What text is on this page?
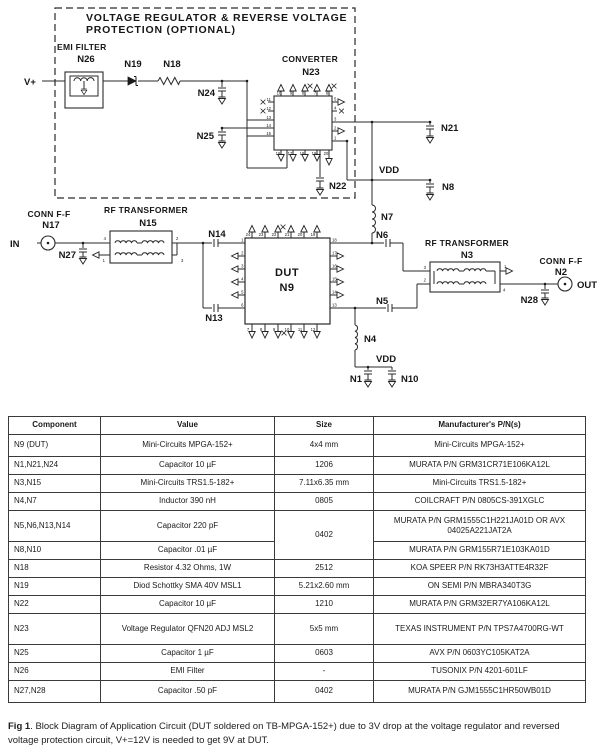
10 9 8 7 6
11
12
13
14
15
5
4
3
2
1
16 17 18 19 20
DUT
N9
24 23 22 21 20 19
1
2
3
4
5
6
18
17
16
15
14
13
7	8	9 10 11 12
4	2
1	3
3	1
2
4
VOLTAGE REGULATOR & REVERSE VOLTAGE
PROTECTION (OPTIONAL)
EMI FILTER
N26
V+
N19 N18
N24
CONVERTER
N23
N25
N21
N22
VDD
N8
N7
N6
CONN F-F
N17
IN
N27
RF TRANSFORMER
N15
N14
N13
N5
N4
VDD
N1	N10
RF TRANSFORMER
N3	CONN F-F
N2
OUT
N28
Component	Value	Size	Manufacturer's P/N(s)
N9 (DUT)	Mini-Circuits MPGA-152+	4x4 mm	Mini-Circuits MPGA-152+
N1,N21,N24	Capacitor 10 µF	1206	MURATA P/N GRM31CR71E106KA12L
N3,N15	Mini-Circuits TRS1.5-182+	7.11x6.35 mm	Mini-Circuits TRS1.5-182+
N4,N7	Inductor 390 nH	0805	COILCRAFT P/N 0805CS-391XGLC
N5,N6,N13,N14	Capacitor 220 pF	0402	MURATA P/N GRM1555C1H221JA01D OR AVX 04025A221JAT2A
N8,N10	Capacitor .01 µF		MURATA P/N GRM155R71E103KA01D
N18	Resistor 4.32 Ohms, 1W	2512	KOA SPEER P/N RK73H3ATTE4R32F
N19	Diod Schottky SMA 40V MSL1	5.21x2.60 mm	ON SEMI P/N MBRA340T3G
N22	Capacitor 10 µF	1210	MURATA P/N GRM32ER7YA106KA12L
N23	Voltage Regulator QFN20 ADJ MSL2	5x5 mm	TEXAS INSTRUMENT P/N TPS7A4700RG-WT
N25	Capacitor 1 µF	0603	AVX P/N 0603YC105KAT2A
N26	EMI Filter	-	TUSONIX P/N 4201-601LF
N27,N28	Capacitor .50 pF	0402	MURATA P/N GJM1555C1HR50WB01D
Fig 1. Block Diagram of Application Circuit (DUT soldered on TB-MPGA-152+) due to 3V drop at the voltage regulator and reversed voltage protection circuit, V+=12V is needed to get 9V at DUT.
